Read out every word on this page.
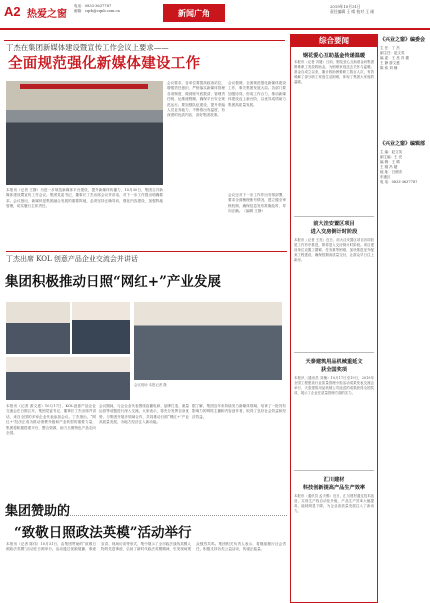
A2 热爱之窗
电话：0833-3637787
邮箱：cqrb@cqnb.com.cn	新闻广角
2019年10月31日
责任编辑 王 晴 校对 王 刚
丁杰在集团新媒体建设暨宣传工作会议上要求——
全面规范强化新媒体建设工作
本报讯（记者 王静）为进一步规范新媒体平台建设，提升新媒体传播力，10月30日，集团召开新媒体建设暨宣传工作会议。集团党委书记、董事长丁杰出席会议并讲话，对下一步工作提出明确要求。会议指出，新媒体是集团融合发展的重要阵地，必须坚持正确导向，强化内容建设，加强阵地管理，切实履行主体责任。
会议要求，各单位要提高政治站位，增强责任意识，严格落实新媒体管理各项制度，做到账号底数清、管理责任明、运维流程顺，确保平台安全规范运行。要加强队伍建设，提升采编人员业务能力，不断推出有温度、有深度的优质内容，讲好集团故事。
会议强调，全面规范强化新媒体建设工作，事关集团发展大局。各部门要加强协同，形成工作合力，推动新媒体建设迈上新台阶，以优异成绩助力集团高质量发展。
会议还对下一步工作作出安排部署，要求全面梳理账号情况，建立健全审核机制，确保信息发布准确及时、导向正确。（编辑 王静）
丁杰出席 KOL 创意产品企业交流会并讲话
集团积极推动日照“网红+”产业发展
会议现场 本报记者 摄
本报讯（记者 游文惠）10月17日，KOL创意产品企业交流会在日照召开。集团党委书记、董事长丁杰出席并讲话，来自全国的多家企业代表参加会议。丁杰指出，“网红+”经济正成为推动消费升级和产业转型的重要力量，集团将积极搭建平台，整合资源，助力日照特色产品走向全国。
会议期间，与会企业代表围绕直播电商、品牌打造、流量运营等话题进行深入交流。大家表示，将充分发挥自身优势，与集团开展多领域合作，共同推动日照“网红+”产业高质量发展，为地方经济注入新动能。
据了解，集团近年来持续发力新媒体领域，培育了一批具有影响力的网络主播和内容创作者，取得了良好社会效益和经济效益。
集团赞助的
“致敬日照政法英模”活动举行
本报讯（记者 陈伟）10月31日，由集团赞助的“致敬日照政法英模”活动在日照举行。活动通过视频展播、事迹宣讲、现场访谈等形式，集中展示了全市政法战线英模人物的先进事迹，弘扬了新时代政法英模精神，引发现场观众强烈共鸣。集团相关负责人表示，将继续履行社会责任，积极支持各类公益活动，传递正能量。
综合要闻
钢花爱心互助基金传递温暖
本报讯（记者 冯婕）日前，钢花爱心互助基金向集团困难职工发放救助金，为困难家庭送去关怀与温暖。基金自成立以来，累计救助困难职工数百人次，有效缓解了部分职工家庭生活困难，体现了集团大家庭的温暖。
前大洼安置区项目
进入交房倒计时阶段
本报讯（记者 王亮）近日，前大洼安置区项目各项收尾工作有序推进，即将进入交房倒计时阶段。项目建设单位克服工期紧、任务重等困难，加快推进室外配套工程建设，确保按期高质量交付，让群众早日住上新房。
天泰建筑用品机械重延文
获全国奖项
本报讯（通讯员 刘楠）10月17日至19日，2019年全国工程建设行业质量管理小组活动成果发表交流会举行，天泰建筑用品机械公司选送的成果获得全国奖项，展示了企业在质量管理方面的实力。
汇川建材
科技创新提高产品生产效率
本报讯（通讯员 孟天赐）近日，汇川建材通过技术改造，实现生产线自动化升级，产品生产效率大幅提高，能耗明显下降，为企业高质量发展注入了新动力。
《兴业之窗》编委会
主 任：丁 杰
副主任：赵文英
编 委：王 亮 冯 婕
王 静 游文惠
陈 伟 刘 楠
《兴业之窗》编辑部
主 编：赵文英
副主编：王 亮
编 辑：王 晴
王 刚 冯 婕
地 址：日照市
东港区
电 话：0833-3637787
